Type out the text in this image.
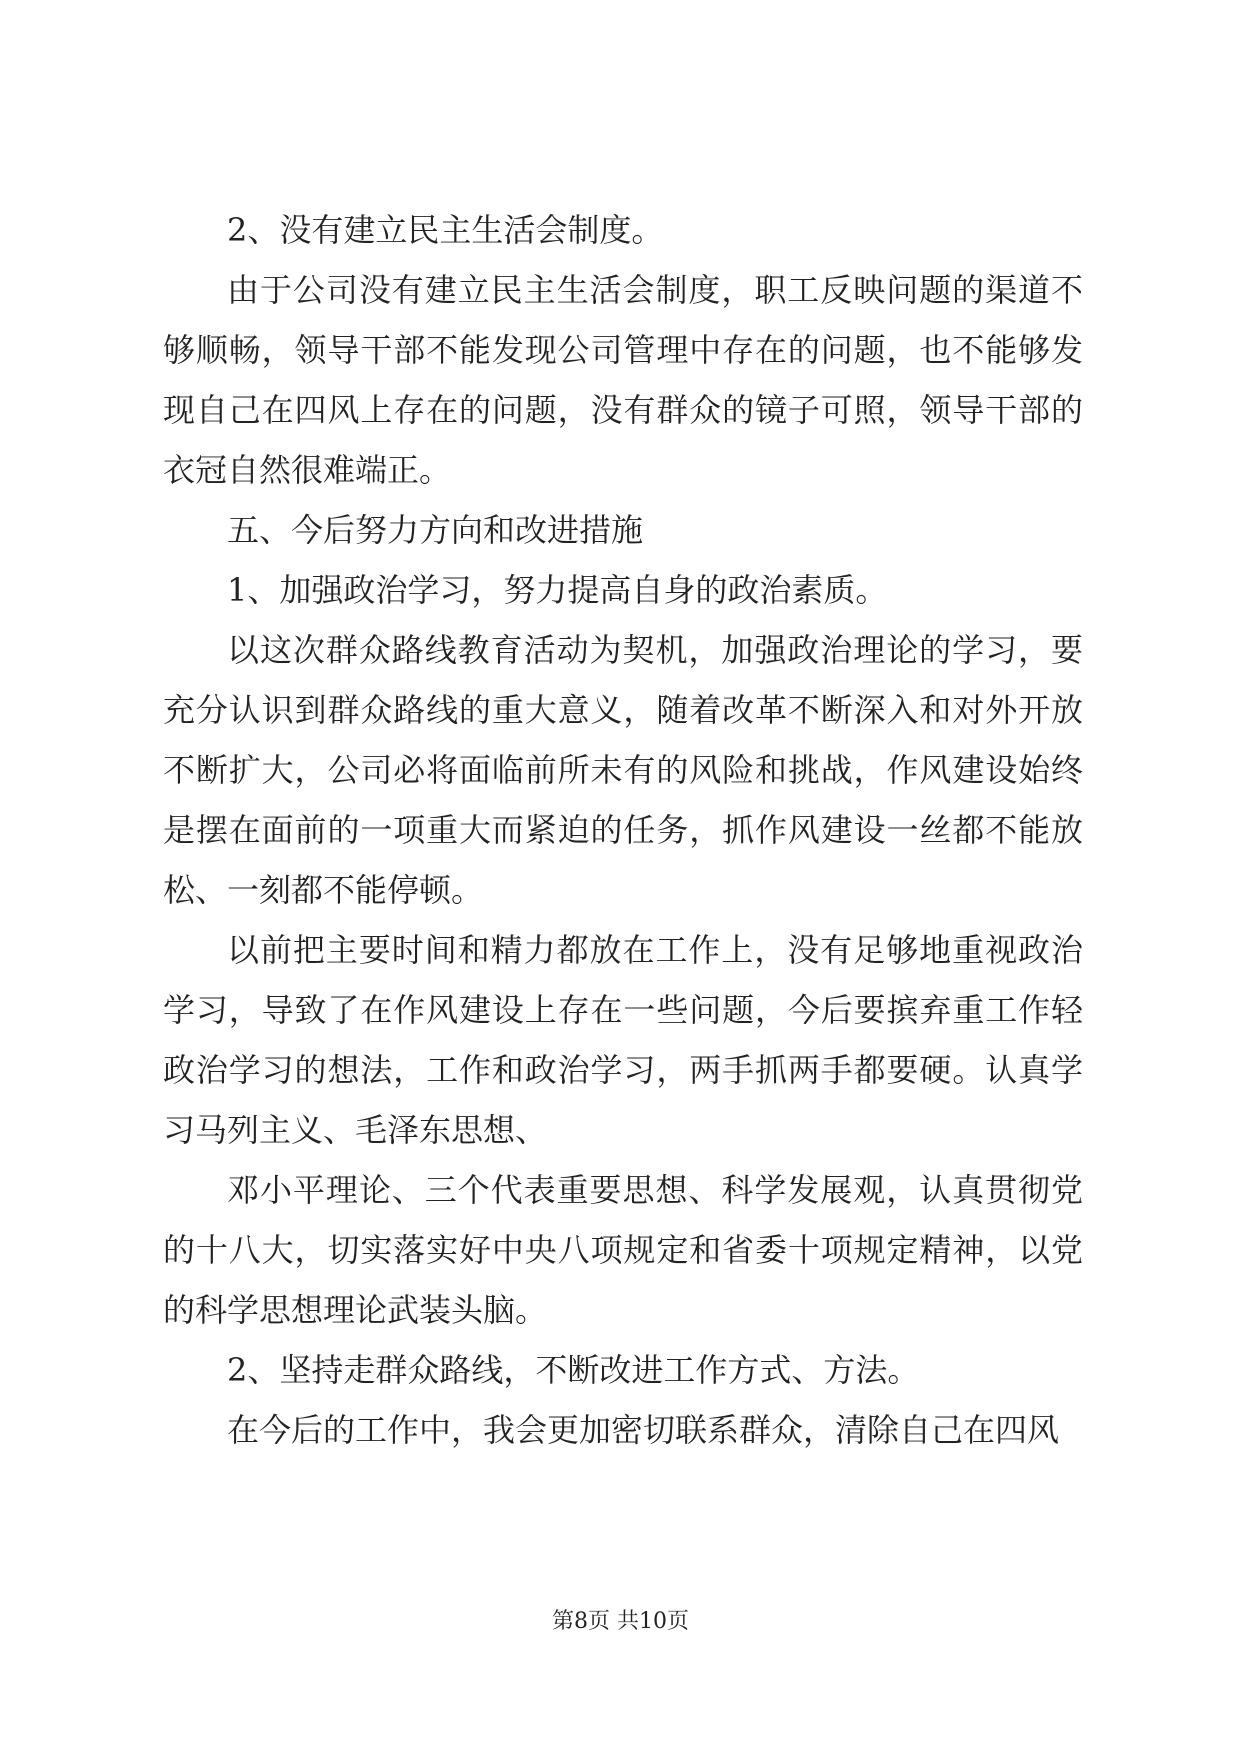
2、没有建立民主生活会制度。

由于公司没有建立民主生活会制度，职工反映问题的渠道不够顺畅，领导干部不能发现公司管理中存在的问题，也不能够发现自己在四风上存在的问题，没有群众的镜子可照，领导干部的衣冠自然很难端正。

五、今后努力方向和改进措施

1、加强政治学习，努力提高自身的政治素质。

以这次群众路线教育活动为契机，加强政治理论的学习，要充分认识到群众路线的重大意义，随着改革不断深入和对外开放不断扩大，公司必将面临前所未有的风险和挑战，作风建设始终是摆在面前的一项重大而紧迫的任务，抓作风建设一丝都不能放松、一刻都不能停顿。

以前把主要时间和精力都放在工作上，没有足够地重视政治学习，导致了在作风建设上存在一些问题，今后要摈弃重工作轻政治学习的想法，工作和政治学习，两手抓两手都要硬。认真学习马列主义、毛泽东思想、

邓小平理论、三个代表重要思想、科学发展观，认真贯彻党的十八大，切实落实好中央八项规定和省委十项规定精神，以党的科学思想理论武装头脑。

2、坚持走群众路线，不断改进工作方式、方法。

在今后的工作中，我会更加密切联系群众，清除自己在四风

第8页 共10页
